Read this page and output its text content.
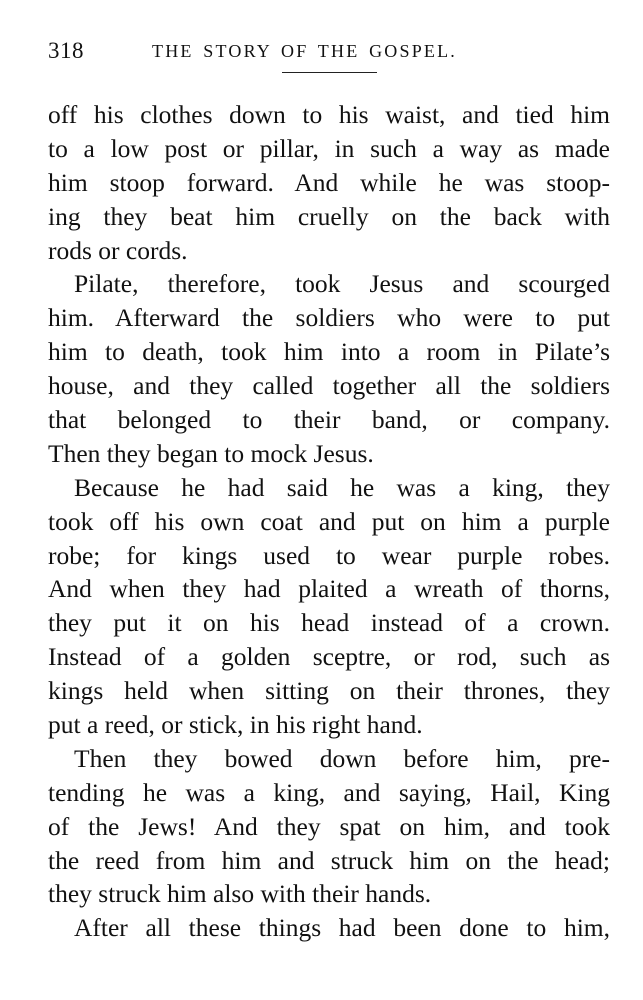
318	THE STORY OF THE GOSPEL.
off his clothes down to his waist, and tied him
to a low post or pillar, in such a way as made
him stoop forward. And while he was stoop-
ing they beat him cruelly on the back with
rods or cords.
Pilate, therefore, took Jesus and scourged
him. Afterward the soldiers who were to put
him to death, took him into a room in Pilate’s
house, and they called together all the soldiers
that belonged to their band, or company.
Then they began to mock Jesus.
Because he had said he was a king, they
took off his own coat and put on him a purple
robe; for kings used to wear purple robes.
And when they had plaited a wreath of thorns,
they put it on his head instead of a crown.
Instead of a golden sceptre, or rod, such as
kings held when sitting on their thrones, they
put a reed, or stick, in his right hand.
Then they bowed down before him, pre-
tending he was a king, and saying, Hail, King
of the Jews! And they spat on him, and took
the reed from him and struck him on the head;
they struck him also with their hands.
After all these things had been done to him,
